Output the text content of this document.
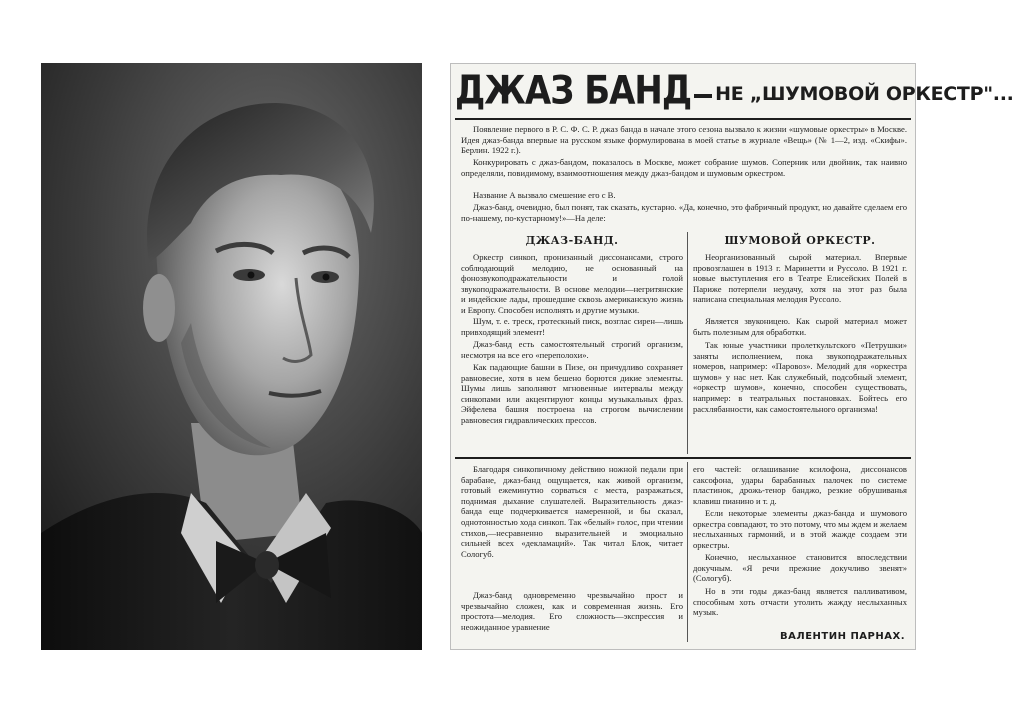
ДЖАЗ БАНД НЕ „ШУМОВОЙ ОРКЕСТР"...

Появление первого в Р. С. Ф. С. Р. джаз банда в начале этого сезона вызвало к жизни «шумовые оркестры» в Москве. Идея джаз-банда впервые на русском языке формулирована в моей статье в журнале «Вещь» (№ 1—2, изд. «Скифы». Берлин. 1922 г.).

Конкурировать с джаз-бандом, показалось в Москве, может собрание шумов. Соперник или двойник, так наивно определяли, повидимому, взаимоотношения между джаз-бандом и шумовым оркестром.

Название А вызвало смешение его с В.

Джаз-банд, очевидно, был понят, так сказать, кустарно. «Да, конечно, это фабричный продукт, но давайте сделаем его по-нашему, по-кустарному!»—На деле:

ДЖАЗ-БАНД.	ШУМОВОЙ ОРКЕСТР.

Оркестр синкоп, пронизанный диссонансами, строго соблюдающий мелодию, не основанный на фонозвукоподражательности и голой звукоподражательности. В основе мелодии—негритянские и индейские лады, прошедшие сквозь американскую жизнь и Европу. Способен исполнять и другие музыки.

Шум, т. е. треск, гротескный писк, возглас сирен—лишь привходящий элемент!

Джаз-банд есть самостоятельный строгий организм, несмотря на все его «переполохи».

Как падающие башни в Пизе, он причудливо сохраняет равновесие, хотя в нем бешено борются дикие элементы. Шумы лишь заполняют мгновенные интервалы между синкопами или акцентируют концы музыкальных фраз. Эйфелева башня построена на строгом вычислении равновесия гидравлических прессов.

Неорганизованный сырой материал. Впервые провозглашен в 1913 г. Маринетти и Руссоло. В 1921 г. новые выступления его в Театре Елисейских Полей в Париже потерпели неудачу, хотя на этот раз была написана специальная мелодия Руссоло.

Является звуконицею. Как сырой материал может быть полезным для обработки.

Так юные участники пролеткультского «Петрушки» заняты исполнением, пока звукоподражательных номеров, например: «Паровоз». Мелодий для «оркестра шумов» у нас нет. Как служебный, подсобный элемент, «оркестр шумов», конечно, способен существовать, например: в театральных постановках. Бойтесь его расхлябанности, как самостоятельного организма!

Благодаря синкопичному действию ножной педали при барабане, джаз-банд ощущается, как живой организм, готовый ежеминутно сорваться с места, разражаться, поднимая дыхание слушателей. Выразительность джаз-банда еще подчеркивается намеренной, и бы сказал, однотонностью хода синкоп. Так «белый» голос, при чтении стихов,—несравненно выразительней и эмоциально сильней всех «декламаций». Так читал Блок, читает Сологуб.

Джаз-банд одновременно чрезвычайно прост и чрезвычайно сложен, как и современная жизнь. Его простота—мелодия. Его сложность—экспрессия и неожиданное уравнение

его частей: оглашивание ксилофона, диссонансов саксофона, удары барабанных палочек по системе пластинок, дрожь-тенор банджо, резкие обрушиванья клавиш пианино и т. д.

Если некоторые элементы джаз-банда и шумового оркестра совпадают, то это потому, что мы ждем и желаем неслыханных гармоний, и в этой жажде создаем эти оркестры.

Конечно, неслыханное становится впоследствии докучным. «Я речи прежние докучливо звенят» (Сологуб).

Но в эти годы джаз-банд является палливативом, способным хоть отчасти утолить жажду неслыханных музык.

ВАЛЕНТИН ПАРНАХ.
